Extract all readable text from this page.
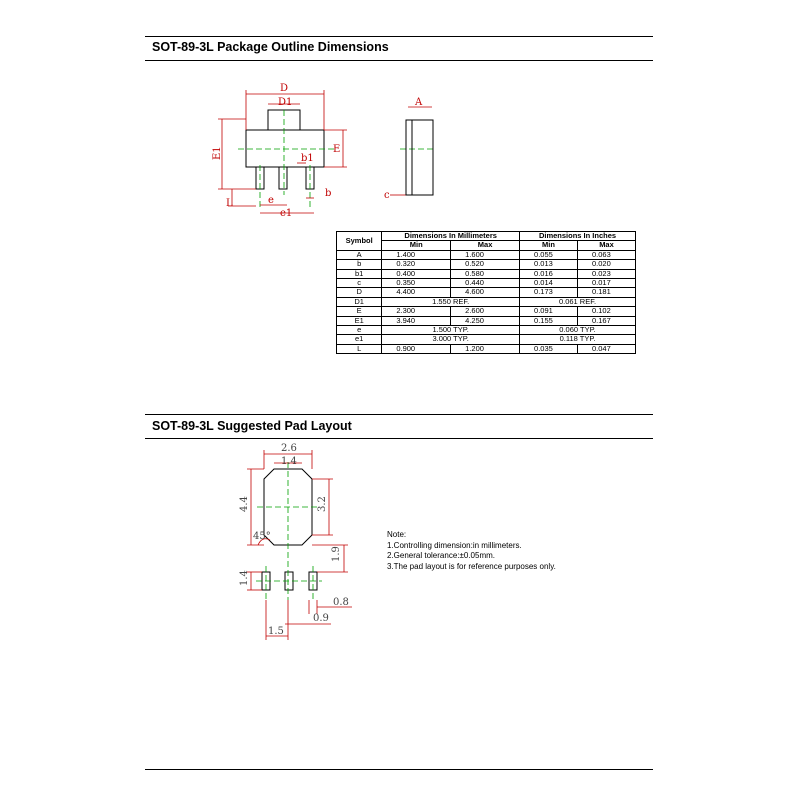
SOT-89-3L Package Outline Dimensions
D
D1
E1	E
b1
b
L	e
e1
A
c
Symbol	Dimensions In Millimeters		Dimensions In Inches	
	Min	Max	Min	Max
A	1.400	1.600	0.055	0.063
b	0.320	0.520	0.013	0.020
b1	0.400	0.580	0.016	0.023
c	0.350	0.440	0.014	0.017
D	4.400	4.600	0.173	0.181
D1	1.550 REF.		0.061 REF.	
E	2.300	2.600	0.091	0.102
E1	3.940	4.250	0.155	0.167
e	1.500 TYP.		0.060 TYP.	
e1	3.000 TYP.		0.118 TYP.	
L	0.900	1.200	0.035	0.047
SOT-89-3L Suggested Pad Layout
2.6
1.4
4.4	3.2
45°
1.9
1.4
0.8
0.9
1.5
Note:
1.Controlling dimension:in millimeters.
2.General tolerance:±0.05mm.
3.The pad layout is for reference purposes only.
